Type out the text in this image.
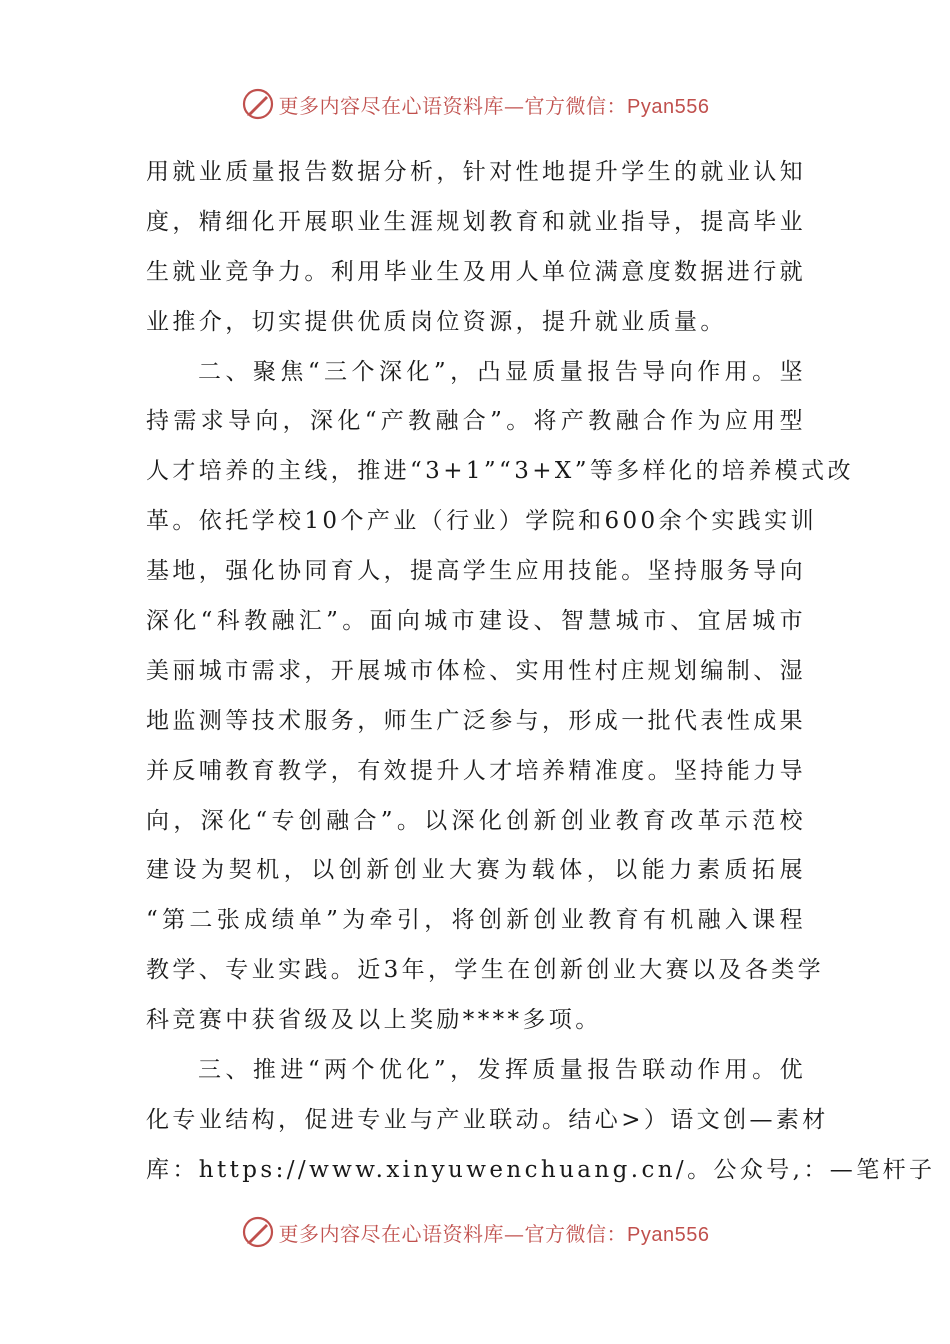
更多内容尽在心语资料库—官方微信：Pyan556
用就业质量报告数据分析，针对性地提升学生的就业认知
度，精细化开展职业生涯规划教育和就业指导，提高毕业
生就业竞争力。利用毕业生及用人单位满意度数据进行就
业推介，切实提供优质岗位资源，提升就业质量。
二、聚焦“三个深化”，凸显质量报告导向作用。坚
持需求导向，深化“产教融合”。将产教融合作为应用型
人才培养的主线，推进“3+1”“3+X”等多样化的培养模式改
革。依托学校10个产业（行业）学院和600余个实践实训
基地，强化协同育人，提高学生应用技能。坚持服务导向
深化“科教融汇”。面向城市建设、智慧城市、宜居城市
美丽城市需求，开展城市体检、实用性村庄规划编制、湿
地监测等技术服务，师生广泛参与，形成一批代表性成果
并反哺教育教学，有效提升人才培养精准度。坚持能力导
向，深化“专创融合”。以深化创新创业教育改革示范校
建设为契机，以创新创业大赛为载体，以能力素质拓展
“第二张成绩单”为牵引，将创新创业教育有机融入课程
教学、专业实践。近3年，学生在创新创业大赛以及各类学
科竞赛中获省级及以上奖励****多项。
三、推进“两个优化”，发挥质量报告联动作用。优
化专业结构，促进专业与产业联动。结心>）语文创—素材
库：https://www.xinyuwenchuang.cn/。公众号,：—笔杆子
更多内容尽在心语资料库—官方微信：Pyan556
